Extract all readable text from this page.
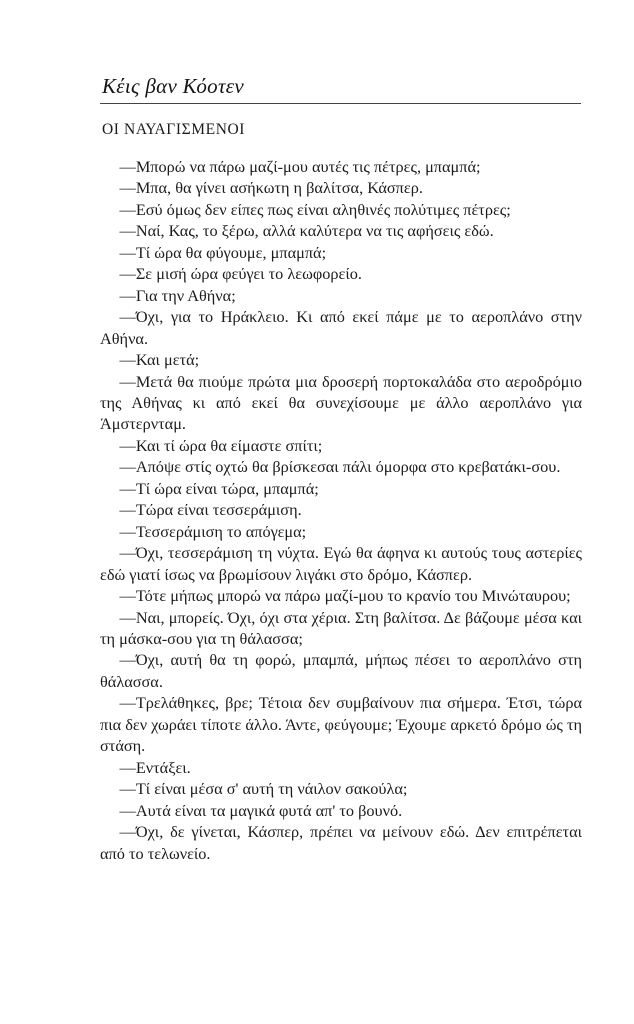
Κέις βαν Κόοτεν
ΟΙ ΝΑΥΑΓΙΣΜΕΝΟΙ

—Μπορώ να πάρω μαζί-μου αυτές τις πέτρες, μπαμπά;

—Μπα, θα γίνει ασήκωτη η βαλίτσα, Κάσπερ.

—Εσύ όμως δεν είπες πως είναι αληθινές πολύτιμες πέτρες;

—Ναί, Κας, το ξέρω, αλλά καλύτερα να τις αφήσεις εδώ.

—Τί ώρα θα φύγουμε, μπαμπά;

—Σε μισή ώρα φεύγει το λεωφορείο.

—Για την Αθήνα;

—Όχι, για το Ηράκλειο. Κι από εκεί πάμε με το αεροπλάνο στην Αθήνα.

—Και μετά;

—Μετά θα πιούμε πρώτα μια δροσερή πορτοκαλάδα στο αεροδρόμιο της Αθήνας κι από εκεί θα συνεχίσουμε με άλλο αεροπλάνο για Άμστερνταμ.

—Και τί ώρα θα είμαστε σπίτι;

—Απόψε στίς οχτώ θα βρίσκεσαι πάλι όμορφα στο κρεβατάκι-σου.

—Τί ώρα είναι τώρα, μπαμπά;

—Τώρα είναι τεσσεράμιση.

—Τεσσεράμιση το απόγεμα;

—Όχι, τεσσεράμιση τη νύχτα. Εγώ θα άφηνα κι αυτούς τους αστερίες εδώ γιατί ίσως να βρωμίσουν λιγάκι στο δρόμο, Κάσπερ.

—Τότε μήπως μπορώ να πάρω μαζί-μου το κρανίο του Μινώταυρου;

—Ναι, μπορείς. Όχι, όχι στα χέρια. Στη βαλίτσα. Δε βάζουμε μέσα και τη μάσκα-σου για τη θάλασσα;

—Όχι, αυτή θα τη φορώ, μπαμπά, μήπως πέσει το αεροπλάνο στη θάλασσα.

—Τρελάθηκες, βρε; Τέτοια δεν συμβαίνουν πια σήμερα. Έτσι, τώρα πια δεν χωράει τίποτε άλλο. Άντε, φεύγουμε; Έχουμε αρκετό δρόμο ώς τη στάση.

—Εντάξει.

—Τί είναι μέσα σ' αυτή τη νάιλον σακούλα;

—Αυτά είναι τα μαγικά φυτά απ' το βουνό.

—Όχι, δε γίνεται, Κάσπερ, πρέπει να μείνουν εδώ. Δεν επιτρέπεται από το τελωνείο.
